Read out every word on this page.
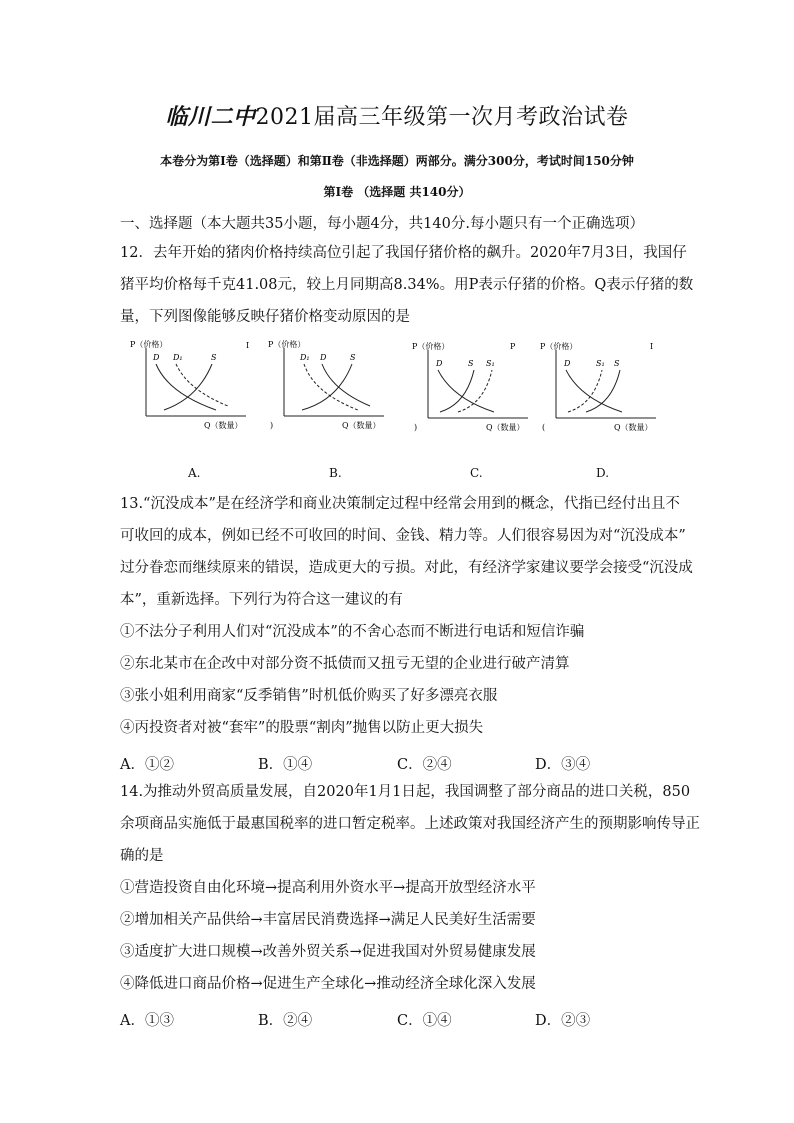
临川二中2021届高三年级第一次月考政治试卷
本卷分为第Ⅰ卷（选择题）和第Ⅱ卷（非选择题）两部分。满分300分，考试时间150分钟
第Ⅰ卷 （选择题 共140分）
一、选择题（本大题共35小题，每小题4分，共140分.每小题只有一个正确选项）
12．去年开始的猪肉价格持续高位引起了我国仔猪价格的飙升。2020年7月3日，我国仔
猪平均价格每千克41.08元，较上月同期高8.34%。用P表示仔猪的价格。Q表示仔猪的数
量，下列图像能够反映仔猪价格变动原因的是
P（价格）
Q（数量）
I
D D₁	S
P（价格）
Q（数量）
)
D₁ D	S
P（价格）
Q（数量）
P
)
D	S S₁
P（价格）
Q（数量）
I
(
D	S₁ S
A.	B.	C.	D.
13.“沉没成本”是在经济学和商业决策制定过程中经常会用到的概念，代指已经付出且不
可收回的成本，例如已经不可收回的时间、金钱、精力等。人们很容易因为对“沉没成本”
过分眷恋而继续原来的错误，造成更大的亏损。对此，有经济学家建议要学会接受“沉没成
本”，重新选择。下列行为符合这一建议的有
①不法分子利用人们对“沉没成本”的不舍心态而不断进行电话和短信诈骗
②东北某市在企改中对部分资不抵债而又扭亏无望的企业进行破产清算
③张小姐利用商家“反季销售”时机低价购买了好多漂亮衣服
④丙投资者对被“套牢”的股票“割肉”抛售以防止更大损失
A．①②	B．①④	C．②④	D．③④
14.为推动外贸高质量发展，自2020年1月1日起，我国调整了部分商品的进口关税，850
余项商品实施低于最惠国税率的进口暂定税率。上述政策对我国经济产生的预期影响传导正
确的是
①营造投资自由化环境→提高利用外资水平→提高开放型经济水平
②增加相关产品供给→丰富居民消费选择→满足人民美好生活需要
③适度扩大进口规模→改善外贸关系→促进我国对外贸易健康发展
④降低进口商品价格→促进生产全球化→推动经济全球化深入发展
A．①③	B．②④	C．①④	D．②③
